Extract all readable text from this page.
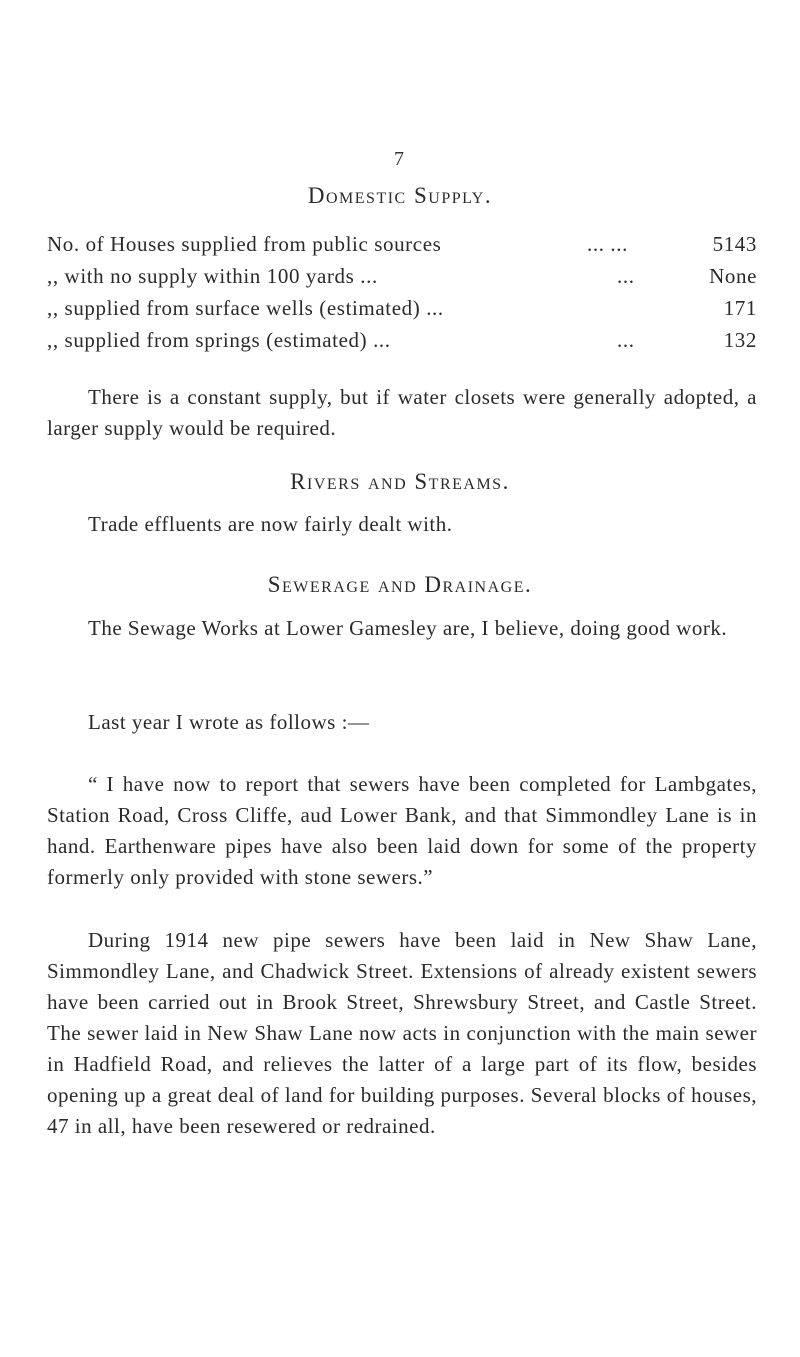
7
Domestic Supply.
No. of Houses supplied from public sources	... ...	5143
,, with no supply within 100 yards ...	...	None
,, supplied from surface wells (estimated) ...	171
,, supplied from springs (estimated) ...	...	132

There is a constant supply, but if water closets were generally adopted, a larger supply would be required.

Rivers and Streams.

Trade effluents are now fairly dealt with.

Sewerage and Drainage.

The Sewage Works at Lower Gamesley are, I believe, doing good work.

Last year I wrote as follows :—

“ I have now to report that sewers have been completed for Lambgates, Station Road, Cross Cliffe, aud Lower Bank, and that Simmondley Lane is in hand. Earthenware pipes have also been laid down for some of the property formerly only provided with stone sewers.”

During 1914 new pipe sewers have been laid in New Shaw Lane, Simmondley Lane, and Chadwick Street. Extensions of already existent sewers have been carried out in Brook Street, Shrewsbury Street, and Castle Street. The sewer laid in New Shaw Lane now acts in conjunction with the main sewer in Hadfield Road, and relieves the latter of a large part of its flow, besides opening up a great deal of land for building purposes. Several blocks of houses, 47 in all, have been resewered or redrained.
